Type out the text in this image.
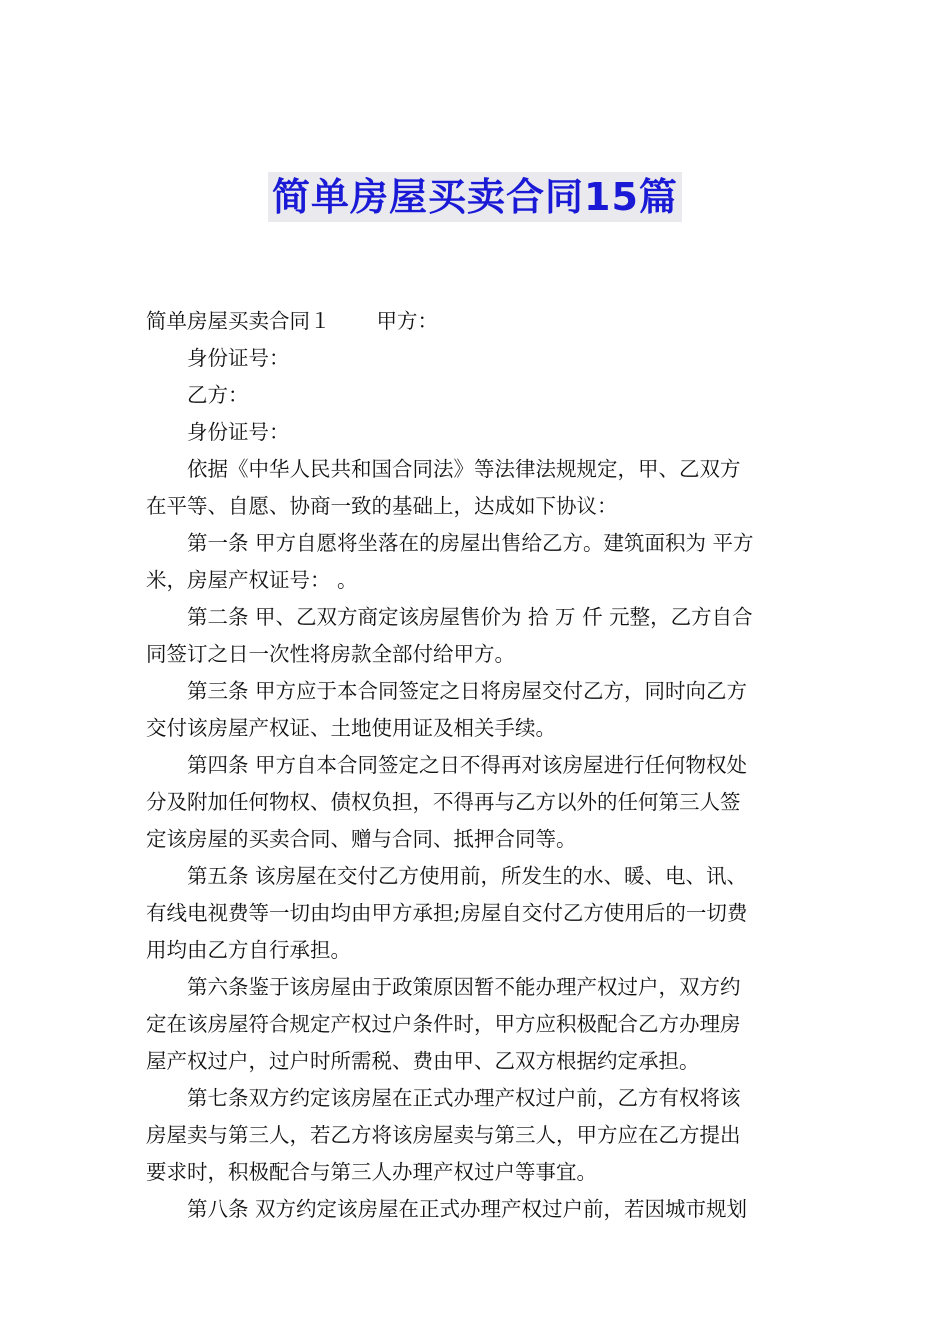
简单房屋买卖合同15篇

简单房屋买卖合同１ 甲方：

身份证号：

乙方：

身份证号：

依据《中华人民共和国合同法》等法律法规规定，甲、乙双方
在平等、自愿、协商一致的基础上，达成如下协议：

第一条 甲方自愿将坐落在的房屋出售给乙方。建筑面积为 平方
米，房屋产权证号： 。

第二条 甲、乙双方商定该房屋售价为 拾 万 仟 元整，乙方自合
同签订之日一次性将房款全部付给甲方。

第三条 甲方应于本合同签定之日将房屋交付乙方，同时向乙方
交付该房屋产权证、土地使用证及相关手续。

第四条 甲方自本合同签定之日不得再对该房屋进行任何物权处
分及附加任何物权、债权负担，不得再与乙方以外的任何第三人签
定该房屋的买卖合同、赠与合同、抵押合同等。

第五条 该房屋在交付乙方使用前，所发生的水、暖、电、讯、
有线电视费等一切由均由甲方承担;房屋自交付乙方使用后的一切费
用均由乙方自行承担。

第六条鉴于该房屋由于政策原因暂不能办理产权过户，双方约
定在该房屋符合规定产权过户条件时，甲方应积极配合乙方办理房
屋产权过户，过户时所需税、费由甲、乙双方根据约定承担。

第七条双方约定该房屋在正式办理产权过户前，乙方有权将该
房屋卖与第三人，若乙方将该房屋卖与第三人，甲方应在乙方提出
要求时，积极配合与第三人办理产权过户等事宜。

第八条 双方约定该房屋在正式办理产权过户前，若因城市规划
